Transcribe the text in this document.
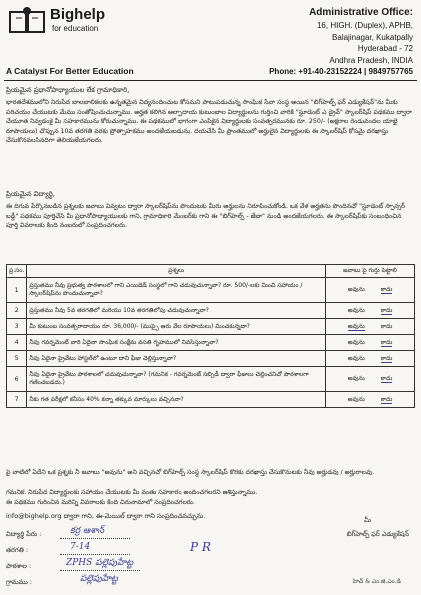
Bighelp
for education
A Catalyst For Better Education
Administrative Office:
16, HIGH. (Duplex), APHB,
Balajinagar, Kukatpally
Hyderabad - 72
Andhra Pradesh, INDIA
Phone: +91-40-23152224 | 9849757765
ప్రియమైన ప్రధానోపాధ్యాయుల లేక గ్రామాధికారి,
భారతదేశములోని నిరుపేద బాలబాలికలకు ఉన్నతమైన విద్యనందించుట కోసమని పాటుపడుచున్న సాంఘిక సేవా సంస్థ అయిన "బిగ్‌హెల్ప్ ఫర్ ఎడ్యుకేషన్"ను మీకు పరిచయం చేయుటకు మేము సంతోషించుచున్నాము. అర్హత కలిగిన ఆల్పాదాయ కుటుంబాల విద్యార్థులను గుర్తించి వారికి "స్టూడెంట్ ఎ డ్రైవ్" స్కాలర్‌షిప్ పథకము ద్వారా చేయూత నివ్వడంకై మీ సహకారమును కోరుచున్నాము. ఈ పథకములో భాగంగా ఎంపికైన విద్యార్థులకు సంవత్సరమునకు రూ. 250/- (అక్షరాల రెండువందల యాభై రూపాయలు) చొప్పున 10వ తరగతి వరకు ప్రోత్సాహకము అందజేయబడును. దయచేసి మీ ప్రాంతములో అర్హులైన విద్యార్థులకు ఈ స్కాలర్‌షిప్ కోసమై దరఖాస్తు చేసుకొనవలసినదిగా తెలియజేయగలరు.
ప్రియమైన విద్యార్థి,
ఈ దిగువ పేర్కొనబడిన ప్రశ్నలకు జవాబు వివ్వటం ద్వారా స్కాలర్‌షిప్‌ను పొందుటకు మీరు అర్హులను నిరూపించుకోండి. ఒక వేళ అర్హతను పొందినచో "స్టూడెంట్ స్పాన్సర్ బడ్డీ" పథకము పూర్తిచేసి మీ ప్రధానోపాధ్యాయులకు గాని, గ్రామాధికారి మేంబర్‌కు గాని ఈ "బిగ్‌హెల్ప్ - జేబా" నుండి అందజేయగలరు. ఈ స్కాలర్‌షిప్‌కు సంబంధించిన పూర్తి వివరాలకు కింది నంబరులో సంప్రదించగలరు.
ప్ర.సం.	ప్రశ్నలు	జవాబు పై గుర్తు పెట్టాలి
1	ప్రస్తుతము నీవు ప్రభుత్వ పాఠశాలలో గాని ఎయిడెడ్ సంస్థలో గాని చదువుచున్నావా? రూ. 500/-లకు మించి సహాయం / స్కాలర్‌షిప్‌ను పొందుచున్నావా?	అవును కాదు
2	ప్రస్తుతము నీవు 5వ తరగతిలో మరియు 10వ తరగతిలోపు చదువుచున్నావా?	అవును కాదు
3	మీ కుటుంబ సంవత్సరాదాయం రూ. 36,000/- (ముప్పై ఆరు వేల రూపాయలు) మించకున్నదా?	అవును కాదు
4	నీవు గవర్నమెంట్ వారి ఏదైనా సాంఘిక సంక్షేమ వసతి గృహములో నివసిస్తున్నావా?	అవును కాదు
5	నీవు ఏదైనా ప్రైవేటు హాస్టల్‌లో ఉంటూ దాని ఫీజు చెల్లిస్తున్నావా?	అవును కాదు
6	నీవు ఏదైనా ప్రైవేటు పాఠశాలలో చదువుచున్నావా? (గమనిక - గవర్నమెంట్ సబ్సిడీ ద్వారా ఫీజులు చెల్లించనిచో పాఠశాలగా గణించబడదు.)	అవును కాదు
7	నీకు గత పరీక్షలో కనీసం 40% కన్నా తక్కువ మార్కులు వచ్చినవా?	అవును కాదు
పై వాటిలో ఏదేని ఒక ప్రశ్నకు నీ జవాబు "అవును" అని వచ్చినచో బిగ్‌హెల్ప్ సంస్థ స్కాలర్‌షిప్ కొరకు దరఖాస్తు చేసుకొనుటకు నీవు అర్హుడవు / అర్హురాలవు.
గమనిక: నిరుపేద విద్యార్థులకు సహాయం చేయుటకు మీ వంతు సహకారం అందించగలరని ఆశిస్తున్నాము.
ఈ పథకము గురించిన మరిన్ని వివరాలకు కింది చిరునామాలో సంప్రదించగలరు.
info@bighelp.org ద్వారా గాని, ఈ-మెయిల్ ద్వారా గాని సంప్రదించవచ్చును.
విద్యార్థి పేరు :	కర్ర ఆశాన్
తరగతి :	7-14	P R
పాఠశాల :	ZPHS పల్లెపుహేట్ట
గ్రామము :	పల్లెపుహేట్ట
మీ
బిగ్‌హెల్ప్ ఫర్ ఎడ్యుకేషన్
హెచ్ & ఎం.జి.ఎం.డి
